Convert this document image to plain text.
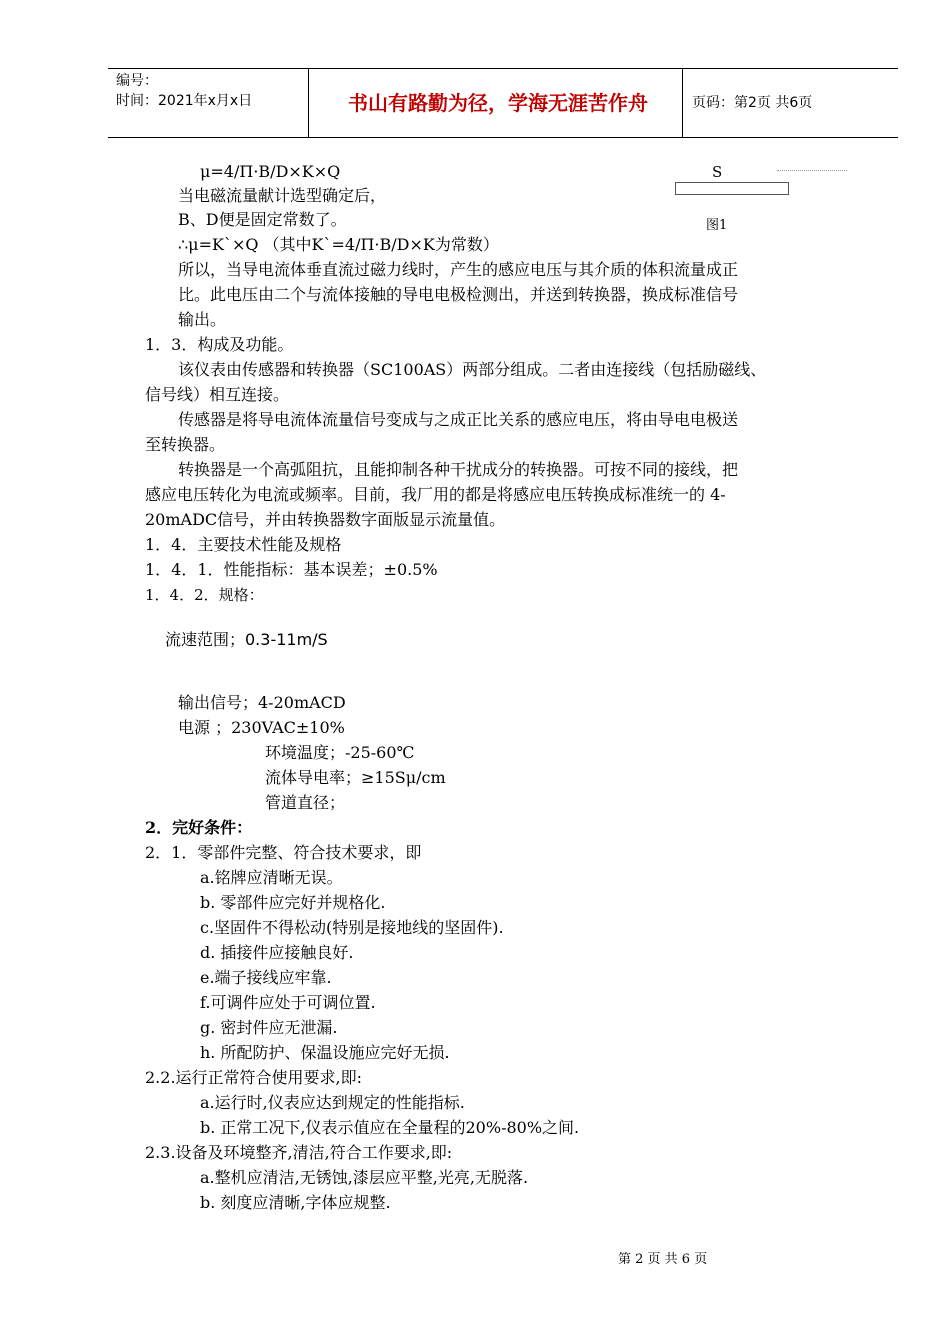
编号：
时间：2021年x月x日	书山有路勤为径，学海无涯苦作舟	页码：第2页 共6页
S
图1
μ=4/Π·B/D×K×Q
当电磁流量献计选型确定后，
B、D便是固定常数了。
∴μ=K`×Q （其中K`=4/Π·B/D×K为常数）
所以，当导电流体垂直流过磁力线时，产生的感应电压与其介质的体积流量成正
比。此电压由二个与流体接触的导电电极检测出，并送到转换器，换成标准信号
输出。
1．3．构成及功能。
该仪表由传感器和转换器（SC100AS）两部分组成。二者由连接线（包括励磁线、
信号线）相互连接。
传感器是将导电流体流量信号变成与之成正比关系的感应电压，将由导电电极送
至转换器。
转换器是一个高弧阻抗，且能抑制各种干扰成分的转换器。可按不同的接线，把
感应电压转化为电流或频率。目前，我厂用的都是将感应电压转换成标准统一的 4-
20mADC信号，并由转换器数字面版显示流量值。
1．4．主要技术性能及规格
1．4．1．性能指标：基本误差；±0.5%
1．4．2．规格：
流速范围；0.3-11m/S
输出信号；4-20mACD
电源 ；230VAC±10%
环境温度；-25-60℃
流体导电率；≥15Sμ/cm
管道直径；
2．完好条件：
2．1．零部件完整、符合技术要求，即
a.铭牌应清晰无误。
b. 零部件应完好并规格化.
c.坚固件不得松动(特别是接地线的坚固件).
d. 插接件应接触良好.
e.端子接线应牢靠.
f.可调件应处于可调位置.
g. 密封件应无泄漏.
h. 所配防护、保温设施应完好无损.
2.2.运行正常符合使用要求,即:
a.运行时,仪表应达到规定的性能指标.
b. 正常工况下,仪表示值应在全量程的20%-80%之间.
2.3.设备及环境整齐,清洁,符合工作要求,即:
a.整机应清洁,无锈蚀,漆层应平整,光亮,无脱落.
b. 刻度应清晰,字体应规整.
第 2 页 共 6 页
